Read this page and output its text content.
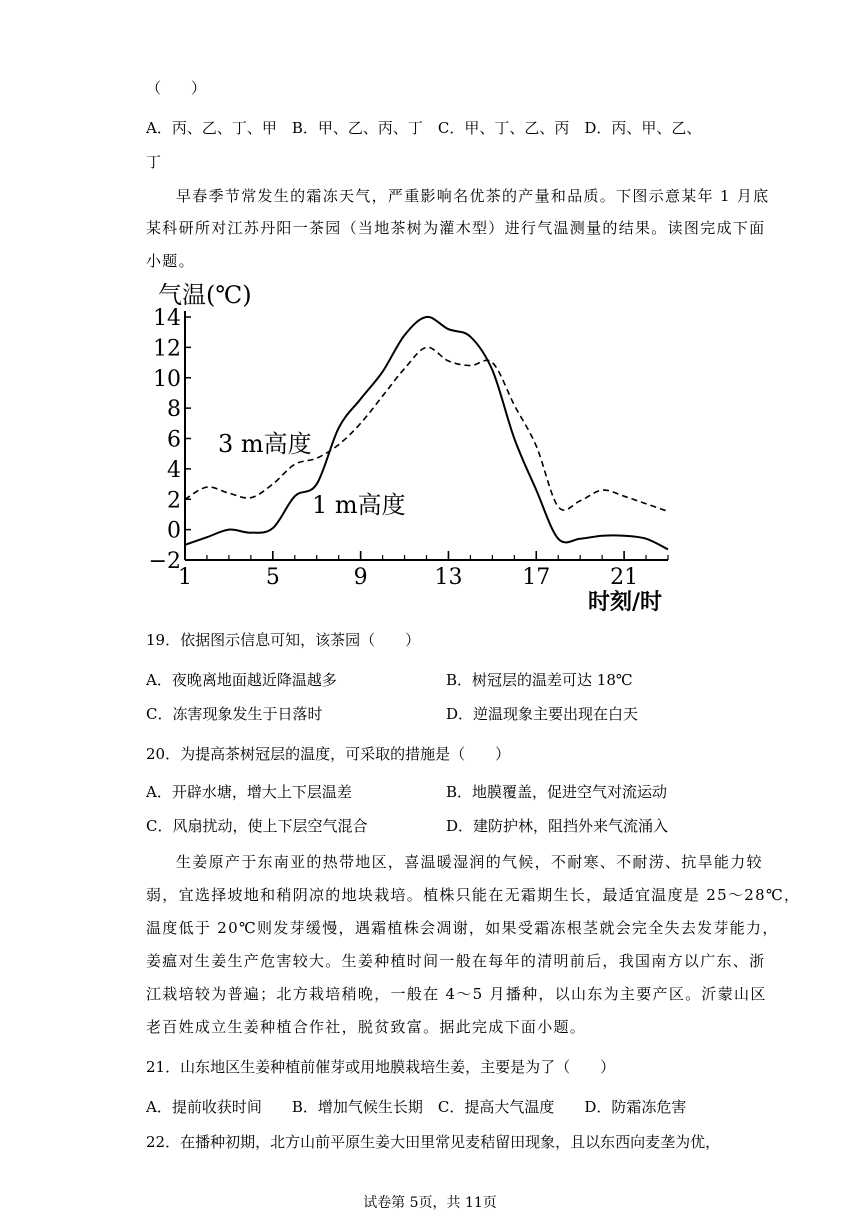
（　　）
A．丙、乙、丁、甲　B．甲、乙、丙、丁　C．甲、丁、乙、丙　D．丙、甲、乙、
丁
早春季节常发生的霜冻天气，严重影响名优茶的产量和品质。下图示意某年 1 月底
某科研所对江苏丹阳一茶园（当地茶树为灌木型）进行气温测量的结果。读图完成下面
小题。
气温(℃)
时刻/时
14
12
10
8
6
4
2
0
−2
1	5	9	13	17	21
3 m高度
1 m高度
19．依据图示信息可知，该茶园（　　）
A．夜晚离地面越近降温越多	B．树冠层的温差可达 18℃
C．冻害现象发生于日落时	D．逆温现象主要出现在白天
20．为提高茶树冠层的温度，可采取的措施是（　　）
A．开辟水塘，增大上下层温差	B．地膜覆盖，促进空气对流运动
C．风扇扰动，使上下层空气混合	D．建防护林，阻挡外来气流涌入
生姜原产于东南亚的热带地区，喜温暖湿润的气候，不耐寒、不耐涝、抗旱能力较
弱，宜选择坡地和稍阴凉的地块栽培。植株只能在无霜期生长，最适宜温度是 25～28℃，
温度低于 20℃则发芽缓慢，遇霜植株会凋谢，如果受霜冻根茎就会完全失去发芽能力，
姜瘟对生姜生产危害较大。生姜种植时间一般在每年的清明前后，我国南方以广东、浙
江栽培较为普遍；北方栽培稍晚，一般在 4～5 月播种，以山东为主要产区。沂蒙山区
老百姓成立生姜种植合作社，脱贫致富。据此完成下面小题。
21．山东地区生姜种植前催芽或用地膜栽培生姜，主要是为了（　　）
A．提前收获时间　　B．增加气候生长期　C．提高大气温度　　D．防霜冻危害
22．在播种初期，北方山前平原生姜大田里常见麦秸留田现象，且以东西向麦垄为优，
试卷第 5页，共 11页
